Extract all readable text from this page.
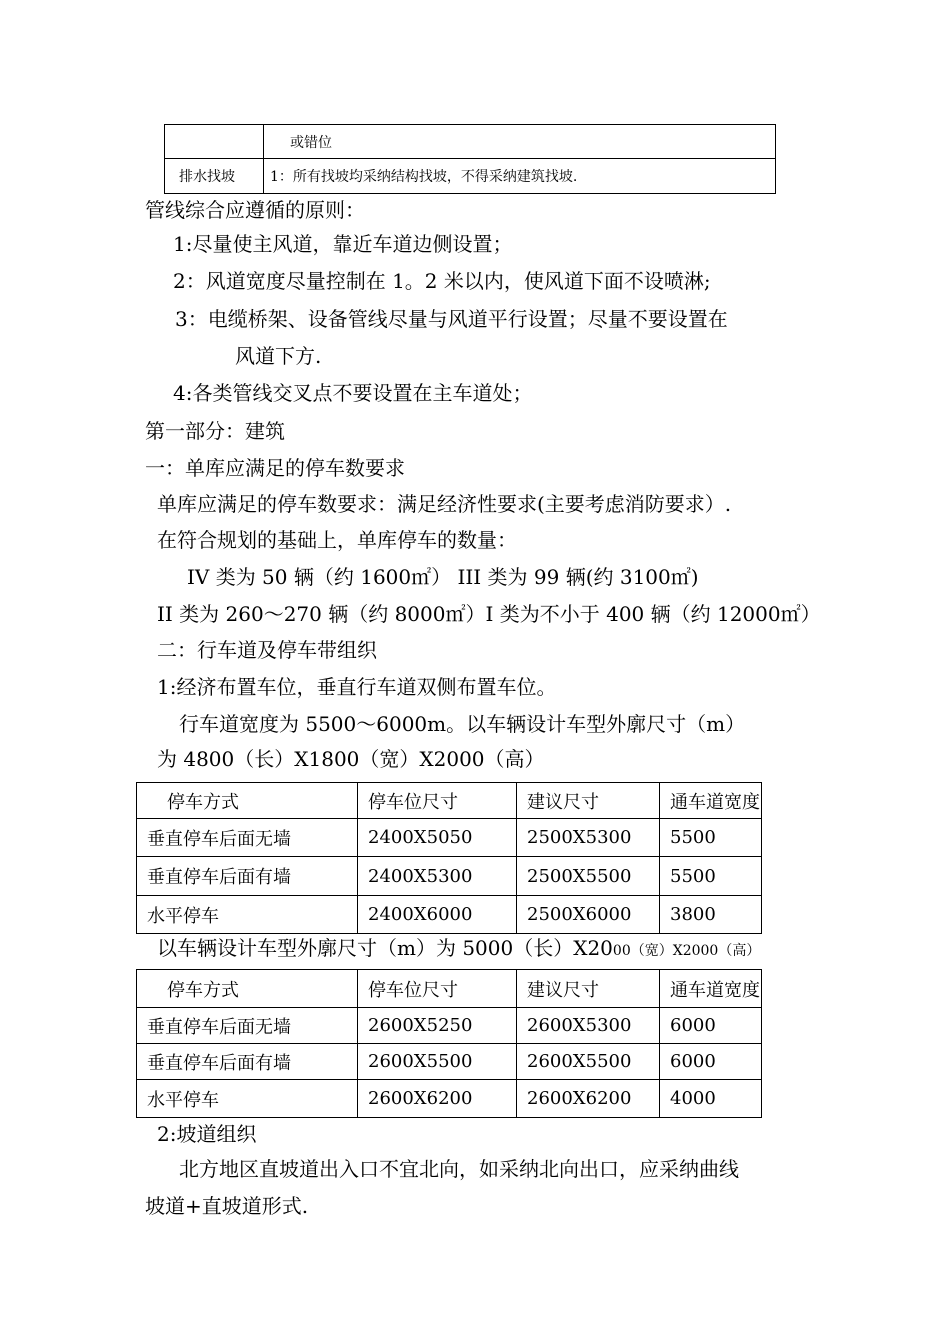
	或错位
排水找坡	1：所有找坡均采纳结构找坡，不得采纳建筑找坡.
管线综合应遵循的原则：
1:尽量使主风道，靠近车道边侧设置；
2：风道宽度尽量控制在 1。2 米以内，使风道下面不设喷淋;
3：电缆桥架、设备管线尽量与风道平行设置；尽量不要设置在
风道下方.
4:各类管线交叉点不要设置在主车道处；
第一部分：建筑
一：单库应满足的停车数要求
单库应满足的停车数要求：满足经济性要求(主要考虑消防要求）.
在符合规划的基础上，单库停车的数量：
IV 类为 50 辆（约 1600㎡） III 类为 99 辆(约 3100㎡)
II 类为 260～270 辆（约 8000㎡）I 类为不小于 400 辆（约 12000㎡）
二：行车道及停车带组织
1:经济布置车位，垂直行车道双侧布置车位。
行车道宽度为 5500～6000m。以车辆设计车型外廓尺寸（m）
为 4800（长）X1800（宽）X2000（高）
停车方式	停车位尺寸	建议尺寸	通车道宽度
垂直停车后面无墙	2400X5050	2500X5300	5500
垂直停车后面有墙	2400X5300	2500X5500	5500
水平停车	2400X6000	2500X6000	3800
以车辆设计车型外廓尺寸（m）为 5000（长）X2000（宽）X2000（高）
停车方式	停车位尺寸	建议尺寸	通车道宽度
垂直停车后面无墙	2600X5250	2600X5300	6000
垂直停车后面有墙	2600X5500	2600X5500	6000
水平停车	2600X6200	2600X6200	4000
2:坡道组织
北方地区直坡道出入口不宜北向，如采纳北向出口，应采纳曲线
坡道+直坡道形式.
